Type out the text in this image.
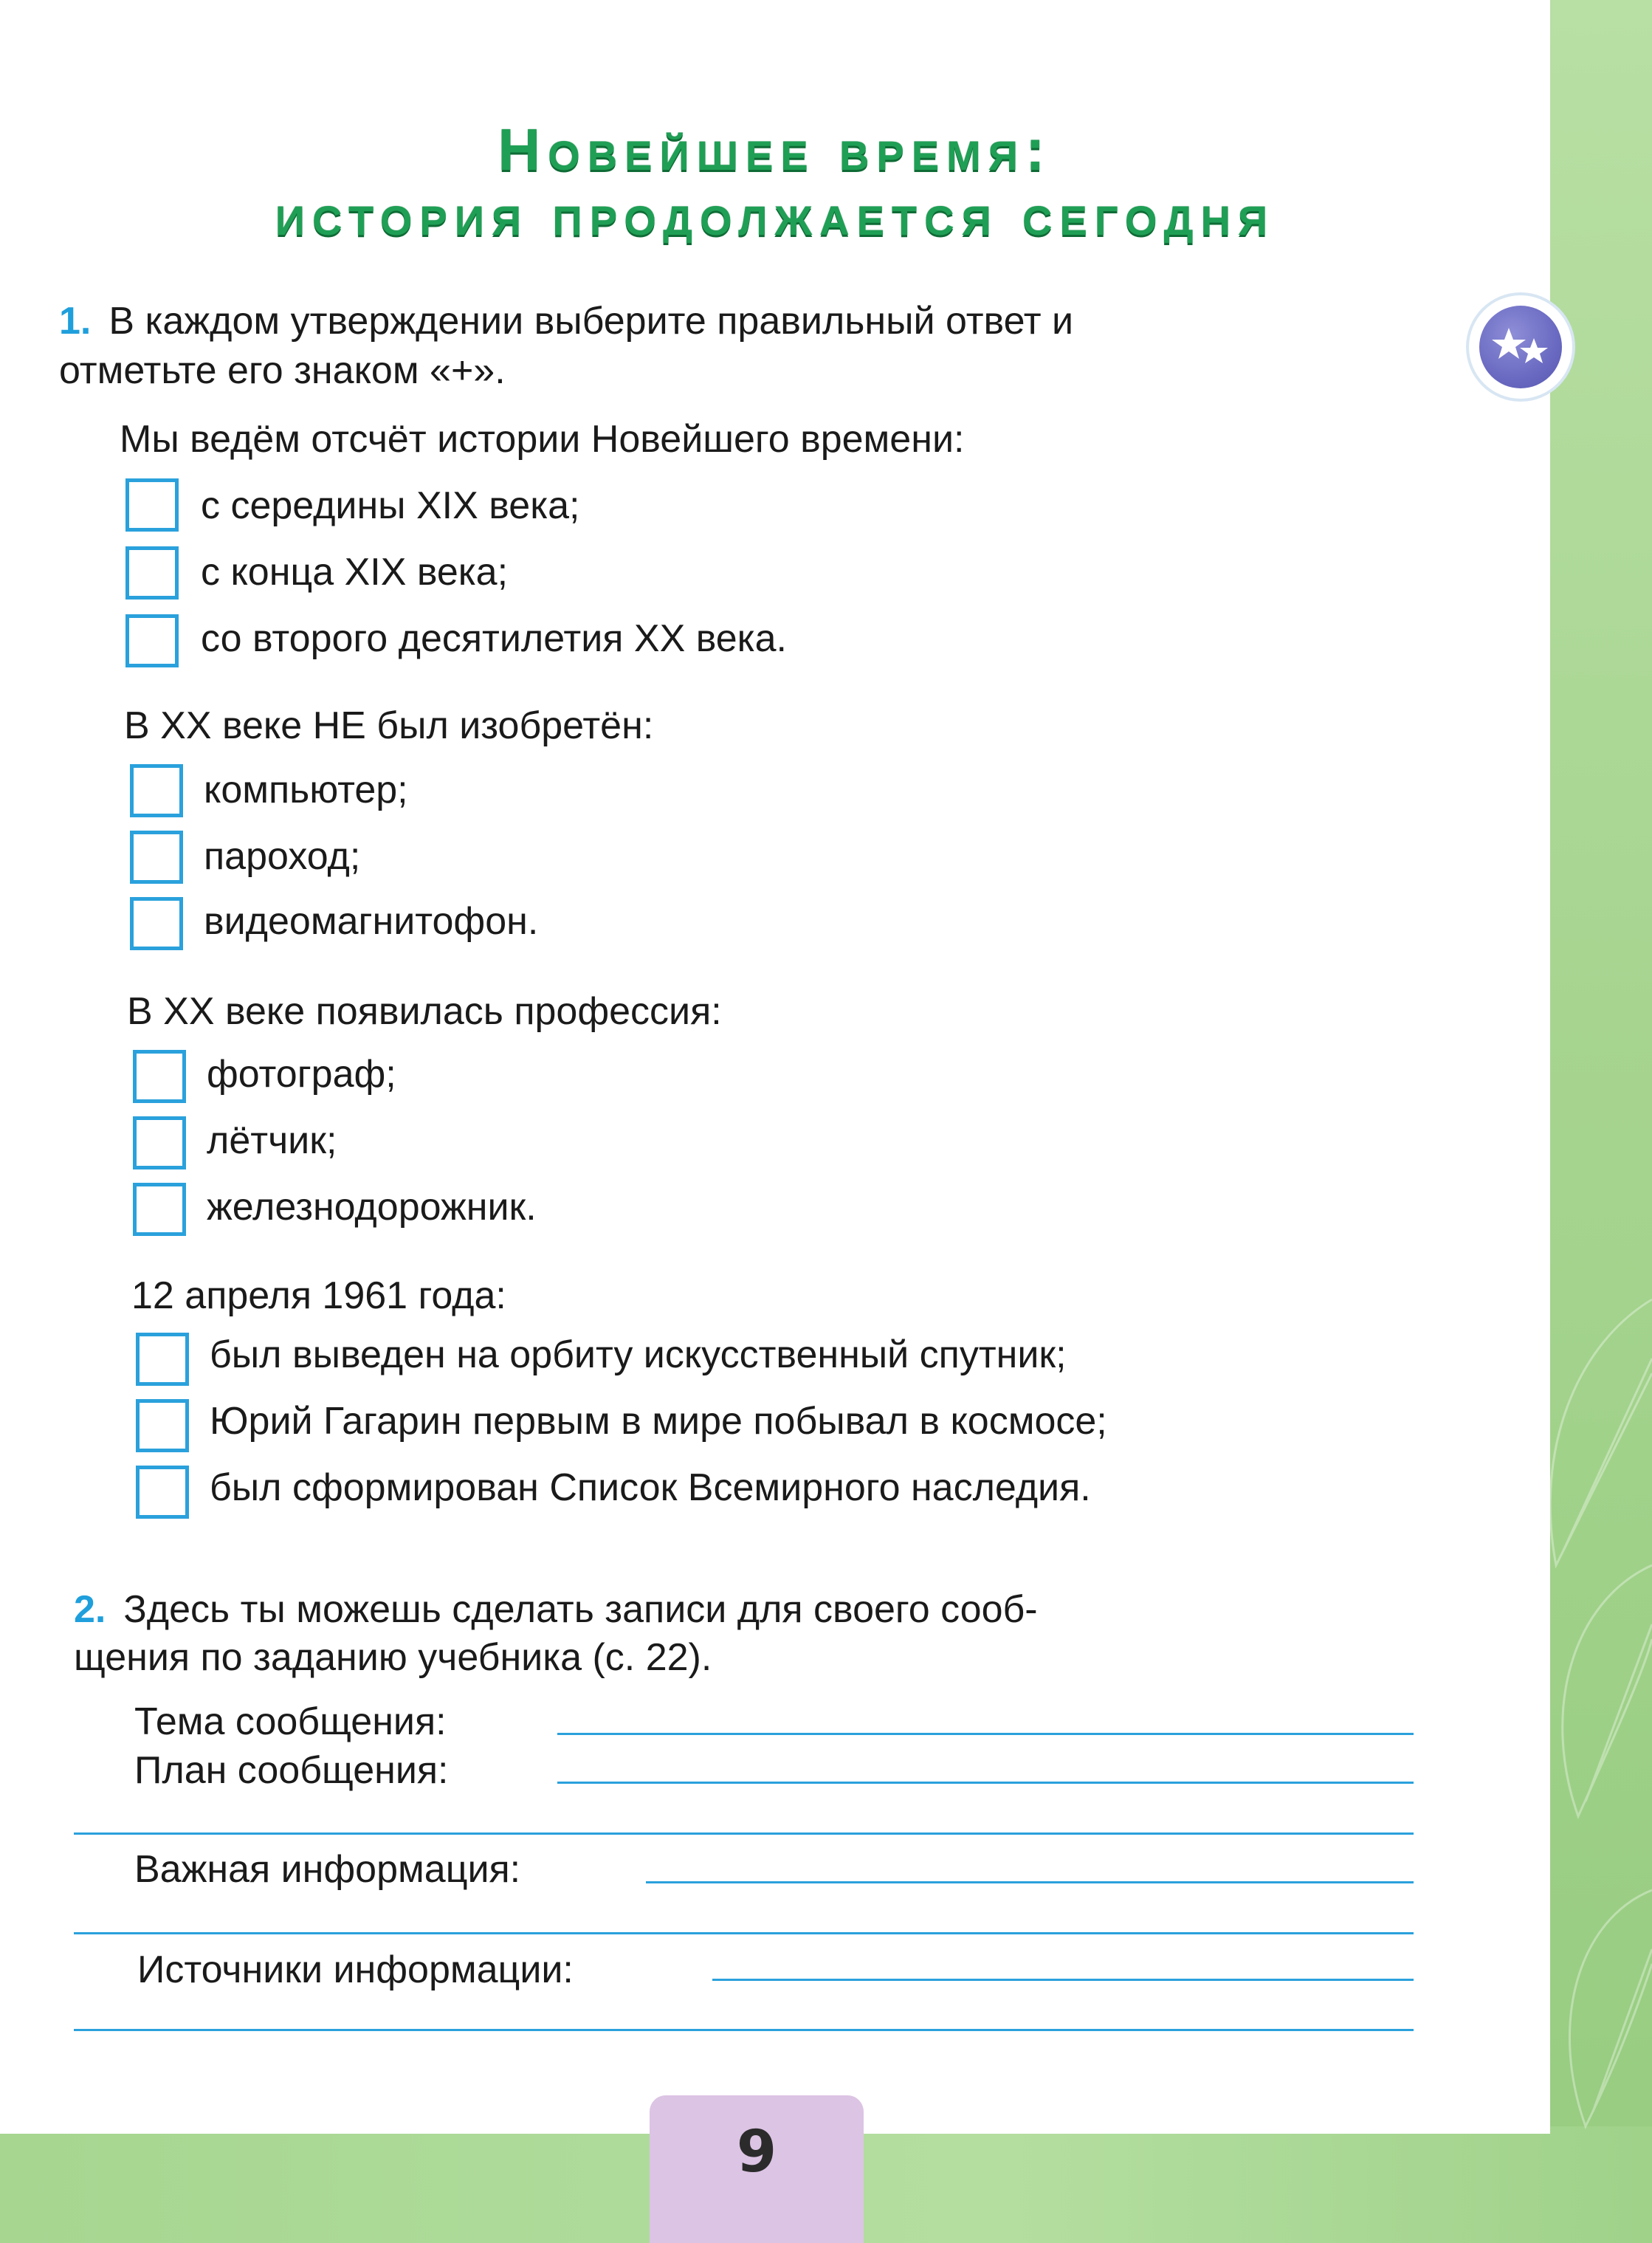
Новейшее время:
история продолжается сегодня
1. В каждом утверждении выберите правильный ответ и
отметьте его знаком «+».
Мы ведём отсчёт истории Новейшего времени:
с середины XIX века;
с конца XIX века;
со второго десятилетия XX века.
В XX веке НЕ был изобретён:
компьютер;
пароход;
видеомагнитофон.
В XX веке появилась профессия:
фотограф;
лётчик;
железнодорожник.
12 апреля 1961 года:
был выведен на орбиту искусственный спутник;
Юрий Гагарин первым в мире побывал в космосе;
был сформирован Список Всемирного наследия.
2. Здесь ты можешь сделать записи для своего сооб-
щения по заданию учебника (с. 22).
Тема сообщения:
План сообщения:
Важная информация:
Источники информации:
9
